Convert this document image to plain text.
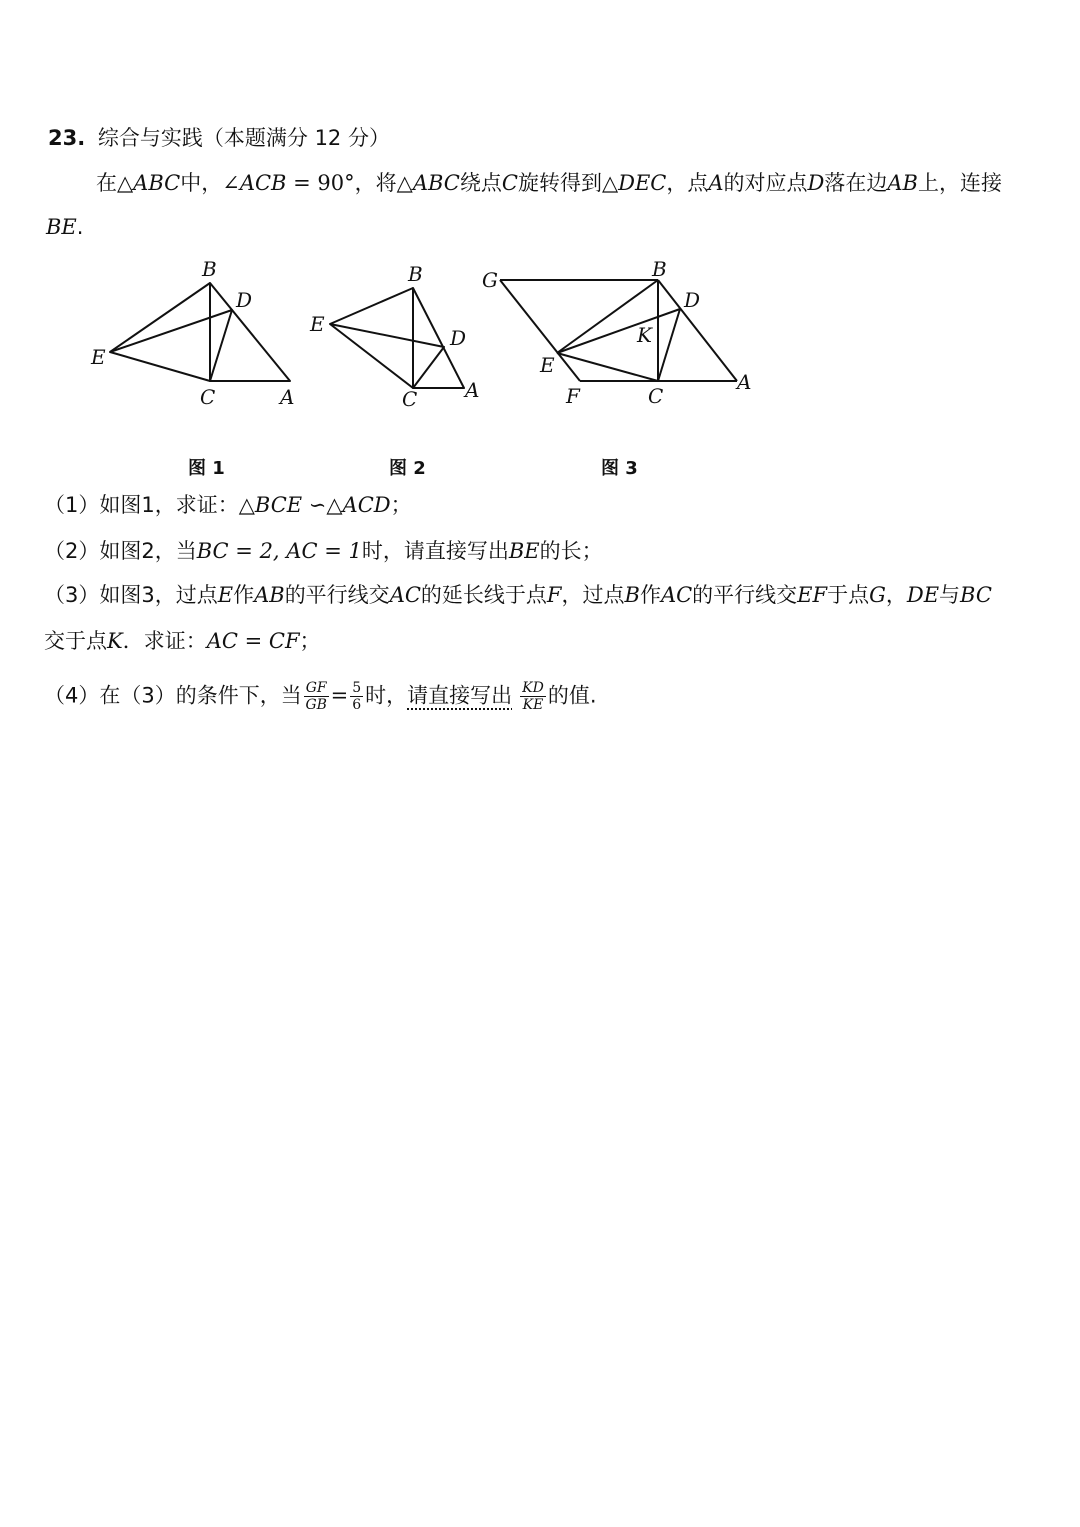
23. 综合与实践（本题满分 12 分）
在△ABC中，∠ACB = 90°，将△ABC绕点C旋转得到△DEC，点A的对应点D落在边AB上，连接
BE.
B
D
E
C	A
B
E
D
C A
G	B
D
K
E
F	C
A
图 1	图 2	图 3
（1）如图1，求证：△BCE ∽△ACD；
（2）如图2，当BC = 2, AC = 1时，请直接写出BE的长；
（3）如图3，过点E作AB的平行线交AC的延长线于点F，过点B作AC的平行线交EF于点G，DE与BC
交于点K．求证：AC = CF；
（4）在（3）的条件下，当 $\frac{GF}{GB} = \frac{5}{6}$ 时，请直接写出 $\frac{KD}{KE}$ 的值.
